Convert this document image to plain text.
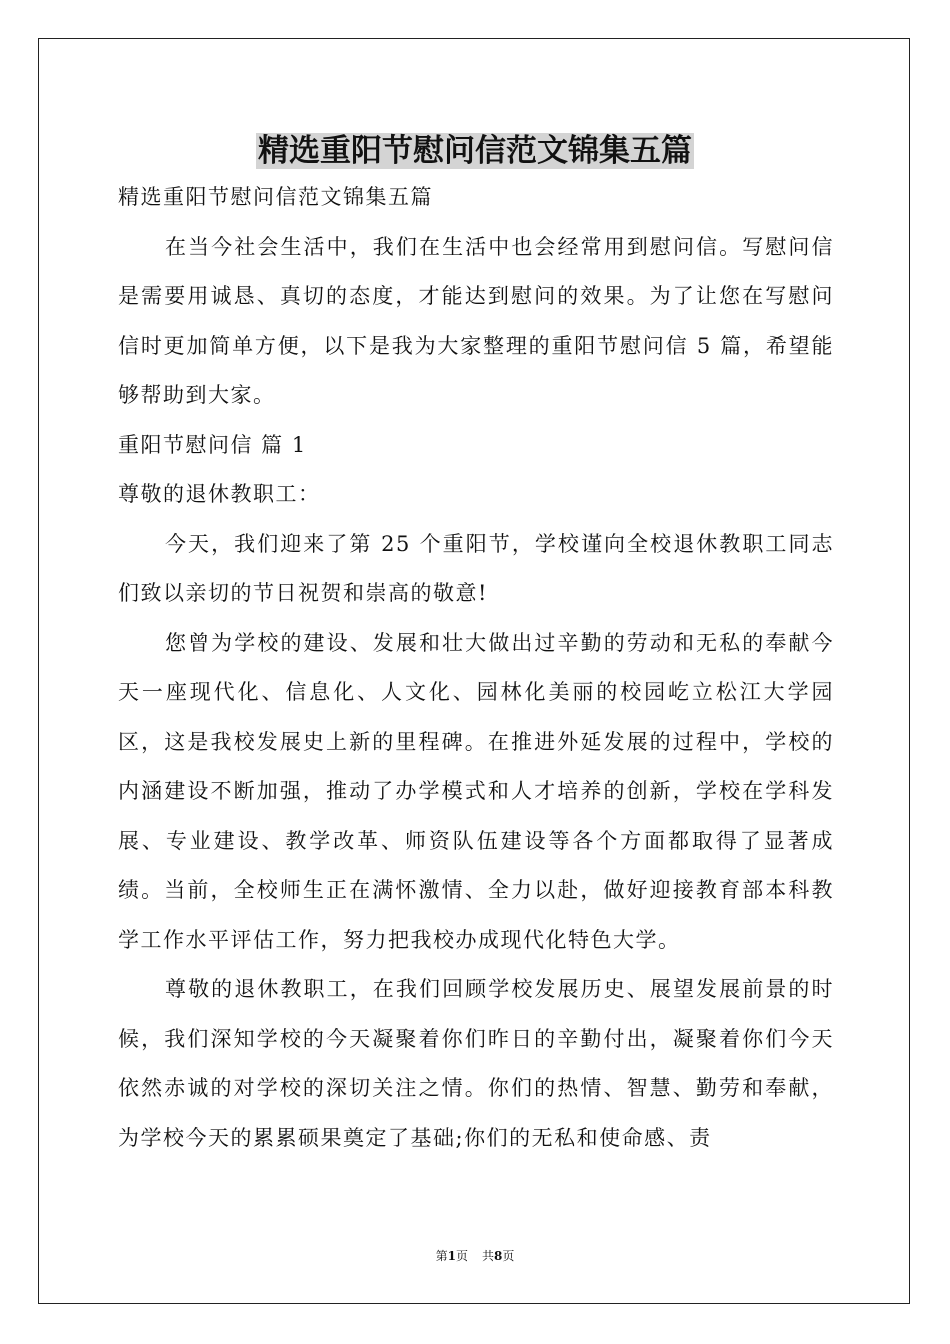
精选重阳节慰问信范文锦集五篇

精选重阳节慰问信范文锦集五篇

在当今社会生活中，我们在生活中也会经常用到慰问信。写慰问信是需要用诚恳、真切的态度，才能达到慰问的效果。为了让您在写慰问信时更加简单方便，以下是我为大家整理的重阳节慰问信 5 篇，希望能够帮助到大家。

重阳节慰问信 篇 1

尊敬的退休教职工：

今天，我们迎来了第 25 个重阳节，学校谨向全校退休教职工同志们致以亲切的节日祝贺和崇高的敬意!

您曾为学校的建设、发展和壮大做出过辛勤的劳动和无私的奉献今天一座现代化、信息化、人文化、园林化美丽的校园屹立松江大学园区，这是我校发展史上新的里程碑。在推进外延发展的过程中，学校的内涵建设不断加强，推动了办学模式和人才培养的创新，学校在学科发展、专业建设、教学改革、师资队伍建设等各个方面都取得了显著成绩。当前，全校师生正在满怀激情、全力以赴，做好迎接教育部本科教学工作水平评估工作，努力把我校办成现代化特色大学。

尊敬的退休教职工，在我们回顾学校发展历史、展望发展前景的时候，我们深知学校的今天凝聚着你们昨日的辛勤付出，凝聚着你们今天依然赤诚的对学校的深切关注之情。你们的热情、智慧、勤劳和奉献，为学校今天的累累硕果奠定了基础;你们的无私和使命感、责

第1页 共8页
